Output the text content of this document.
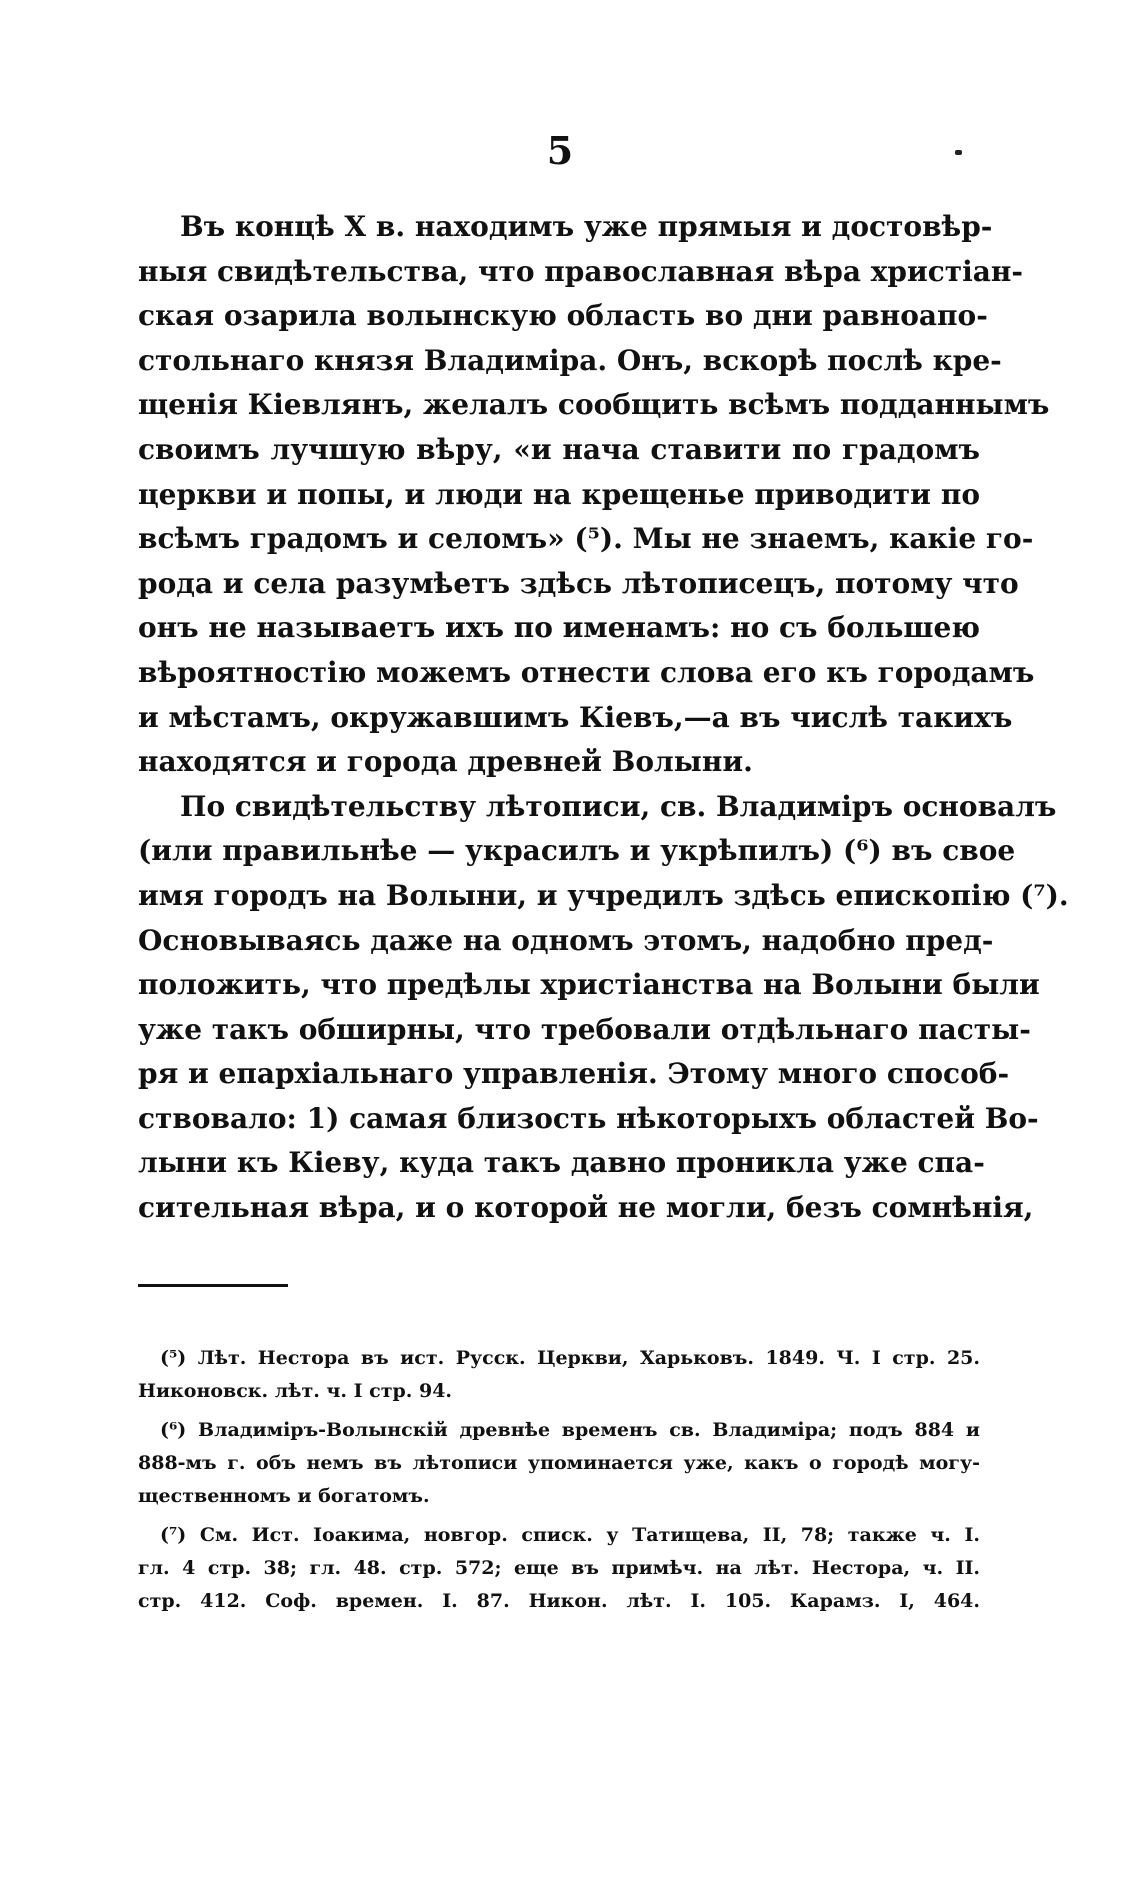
5
Въ концѣ X в. находимъ уже прямыя и достовѣр-
ныя свидѣтельства, что православная вѣра христіан-
ская озарила волынскую область во дни равноапо-
стольнаго князя Владиміра. Онъ, вскорѣ послѣ кре-
щенія Кіевлянъ, желалъ сообщить всѣмъ подданнымъ
своимъ лучшую вѣру, «и нача ставити по градомъ
церкви и попы, и люди на крещенье приводити по
всѣмъ градомъ и селомъ» (⁵). Мы не знаемъ, какіе го-
рода и села разумѣетъ здѣсь лѣтописецъ, потому что
онъ не называетъ ихъ по именамъ: но съ большею
вѣроятностію можемъ отнести слова его къ городамъ
и мѣстамъ, окружавшимъ Кіевъ,—а въ числѣ такихъ
находятся и города древней Волыни.
По свидѣтельству лѣтописи, св. Владиміръ основалъ
(или правильнѣе — украсилъ и укрѣпилъ) (⁶) въ свое
имя городъ на Волыни, и учредилъ здѣсь епископію (⁷).
Основываясь даже на одномъ этомъ, надобно пред-
положить, что предѣлы христіанства на Волыни были
уже такъ обширны, что требовали отдѣльнаго пасты-
ря и епархіальнаго управленія. Этому много способ-
ствовало: 1) самая близость нѣкоторыхъ областей Во-
лыни къ Кіеву, куда такъ давно проникла уже спа-
сительная вѣра, и о которой не могли, безъ сомнѣнія,
(⁵) Лѣт. Нестора въ ист. Русск. Церкви, Харьковъ. 1849. Ч. I стр. 25.
Никоновск. лѣт. ч. I стр. 94.
(⁶) Владиміръ-Волынскій древнѣе временъ св. Владиміра; подъ 884 и
888-мъ г. объ немъ въ лѣтописи упоминается уже, какъ о городѣ могу-
щественномъ и богатомъ.
(⁷) См. Ист. Іоакима, новгор. списк. у Татищева, II, 78; также ч. I.
гл. 4 стр. 38; гл. 48. стр. 572; еще въ примѣч. на лѣт. Нестора, ч. II.
стр. 412. Соф. времен. I. 87. Никон. лѣт. I. 105. Карамз. I, 464.
